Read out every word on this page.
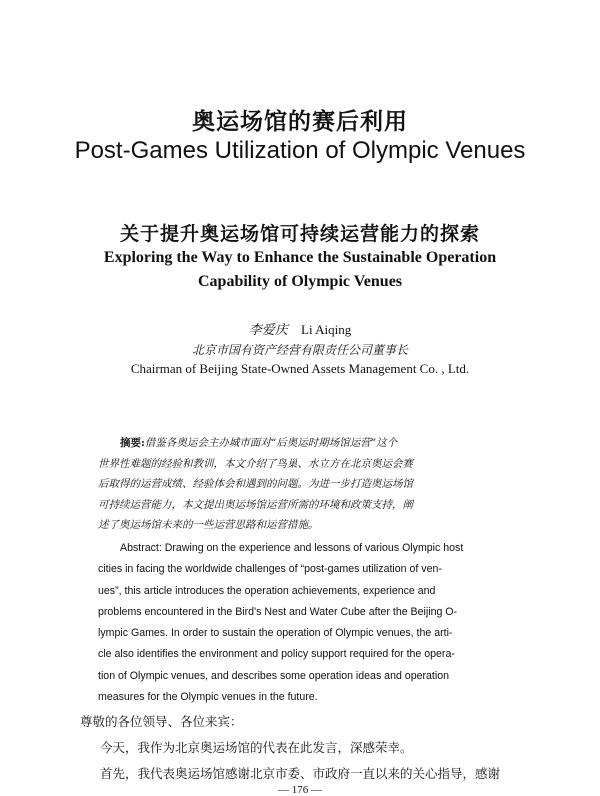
奥运场馆的赛后利用
Post-Games Utilization of Olympic Venues
关于提升奥运场馆可持续运营能力的探索
Exploring the Way to Enhance the Sustainable Operation
Capability of Olympic Venues
李爱庆 Li Aiqing
北京市国有资产经营有限责任公司董事长
Chairman of Beijing State-Owned Assets Management Co. , Ltd.
摘要:借鉴各奥运会主办城市面对“后奥运时期场馆运营”这个
世界性难题的经验和教训，本文介绍了鸟巢、水立方在北京奥运会赛
后取得的运营成绩、经验体会和遇到的问题。为进一步打造奥运场馆
可持续运营能力，本文提出奥运场馆运营所需的环境和政策支持，阐
述了奥运场馆未来的一些运营思路和运营措施。
Abstract: Drawing on the experience and lessons of various Olympic host
cities in facing the worldwide challenges of “post-games utilization of ven-
ues”, this article introduces the operation achievements, experience and
problems encountered in the Bird's Nest and Water Cube after the Beijing O-
lympic Games. In order to sustain the operation of Olympic venues, the arti-
cle also identifies the environment and policy support required for the opera-
tion of Olympic venues, and describes some operation ideas and operation
measures for the Olympic venues in the future.
尊敬的各位领导、各位来宾：
今天，我作为北京奥运场馆的代表在此发言，深感荣幸。
首先，我代表奥运场馆感谢北京市委、市政府一直以来的关心指导，感谢
— 176 —
